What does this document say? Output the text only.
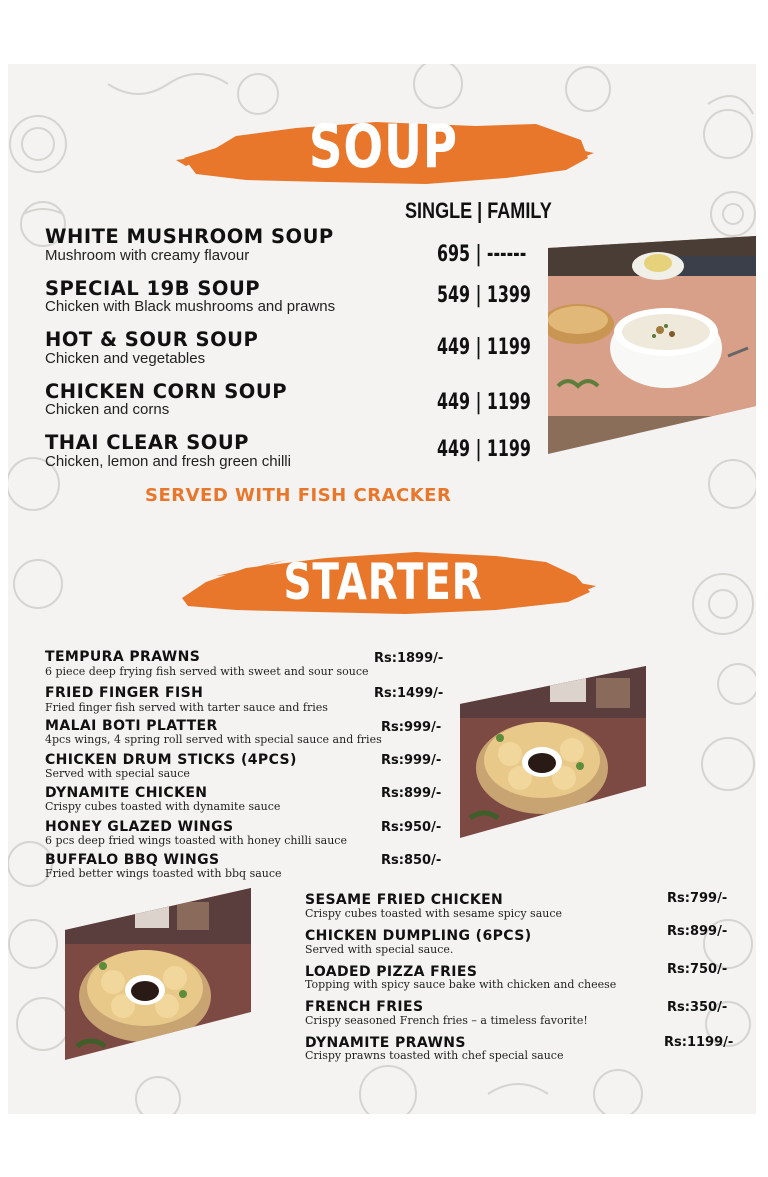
SOUP
SINGLE | FAMILY
WHITE MUSHROOM SOUP
Mushroom with creamy flavour	695 | ------
SPECIAL 19B SOUP
Chicken with Black mushrooms and prawns	549 | 1399
HOT & SOUR SOUP
Chicken and vegetables	449 | 1199
CHICKEN CORN SOUP
Chicken and corns	449 | 1199
THAI CLEAR SOUP
Chicken, lemon and fresh green chilli	449 | 1199
SERVED WITH FISH CRACKER
STARTER
TEMPURA PRAWNS
6 piece deep frying fish served with sweet and sour souce
Rs:1899/-
FRIED FINGER FISH
Fried finger fish served with tarter sauce and fries
Rs:1499/-
MALAI BOTI PLATTER
4pcs wings, 4 spring roll served with special sauce and fries
Rs:999/-
CHICKEN DRUM STICKS (4PCS)
Served with special sauce
Rs:999/-
DYNAMITE CHICKEN
Crispy cubes toasted with dynamite sauce
Rs:899/-
HONEY GLAZED WINGS
6 pcs deep fried wings toasted with honey chilli sauce
Rs:950/-
BUFFALO BBQ WINGS
Fried better wings toasted with bbq sauce
Rs:850/-
SESAME FRIED CHICKEN
Crispy cubes toasted with sesame spicy sauce
Rs:799/-
CHICKEN DUMPLING (6PCS)
Served with special sauce.
Rs:899/-
LOADED PIZZA FRIES
Topping with spicy sauce bake with chicken and cheese
Rs:750/-
FRENCH FRIES
Crispy seasoned French fries – a timeless favorite!
Rs:350/-
DYNAMITE PRAWNS
Crispy prawns toasted with chef special sauce
Rs:1199/-
